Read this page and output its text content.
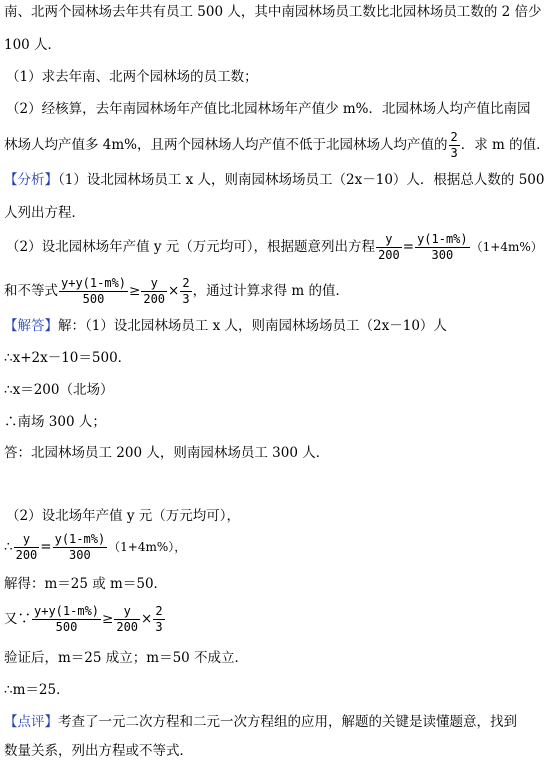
南、北两个园林场去年共有员工 500 人，其中南园林场员工数比北园林场员工数的 2 倍少
100 人．
（1）求去年南、北两个园林场的员工数；
（2）经核算，去年南园林场年产值比北园林场年产值少 m%．北园林场人均产值比南园
林场人均产值多 4m%，且两个园林场人均产值不低于北园林场人均产值的 $\frac{2}{3}$ ．求 m 的值．
【分析】（1）设北园林场员工 x 人，则南园林场场员工（2x－10）人．根据总人数的 500
人列出方程．
（2）设北园林场年产值 y 元（万元均可），根据题意列出方程 $\frac{y}{200} = \frac{y(1-m\%)}{300} (1+4m\%)$
和不等式 $\frac{y+y(1-m\%)}{500} \ge \frac{y}{200} \times \frac{2}{3}$ ，通过计算求得 m 的值．
【解答】解：（1）设北园林场员工 x 人，则南园林场场员工（2x－10）人
∴x+2x－10＝500．
∴x＝200（北场）
∴南场 300 人；
答：北园林场员工 200 人，则南园林场员工 300 人．
（2）设北场年产值 y 元（万元均可），
∴ $\frac{y}{200} = \frac{y(1-m\%)}{300} (1+4m\%)$，
解得：m＝25 或 m＝50．
又∵ $\frac{y+y(1-m\%)}{500} \ge \frac{y}{200} \times \frac{2}{3}$
验证后，m＝25 成立；m＝50 不成立．
∴m＝25．
【点评】考查了一元二次方程和二元一次方程组的应用，解题的关键是读懂题意，找到
数量关系，列出方程或不等式．
